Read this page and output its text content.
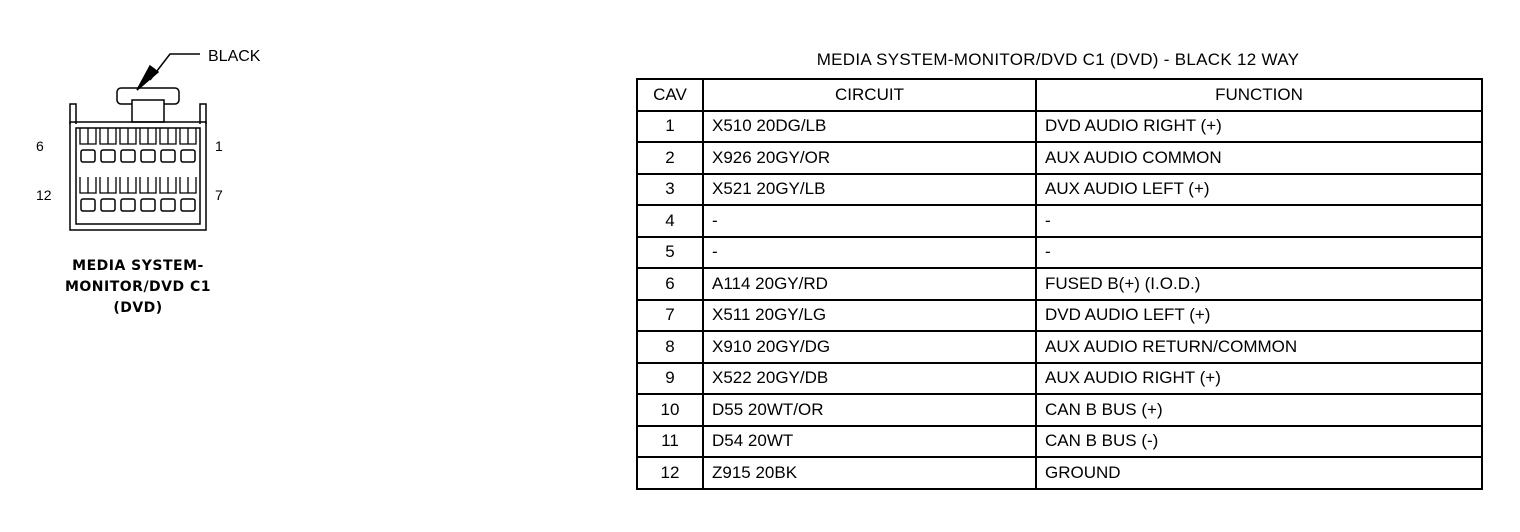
BLACK
6	1
12	7
MEDIA SYSTEM-
MONITOR/DVD C1
(DVD)
MEDIA SYSTEM-MONITOR/DVD C1 (DVD) - BLACK 12 WAY
CAV	CIRCUIT	FUNCTION
1	X510 20DG/LB	DVD AUDIO RIGHT (+)
2	X926 20GY/OR	AUX AUDIO COMMON
3	X521 20GY/LB	AUX AUDIO LEFT (+)
4	-	-
5	-	-
6	A114 20GY/RD	FUSED B(+) (I.O.D.)
7	X511 20GY/LG	DVD AUDIO LEFT (+)
8	X910 20GY/DG	AUX AUDIO RETURN/COMMON
9	X522 20GY/DB	AUX AUDIO RIGHT (+)
10	D55 20WT/OR	CAN B BUS (+)
11	D54 20WT	CAN B BUS (-)
12	Z915 20BK	GROUND
